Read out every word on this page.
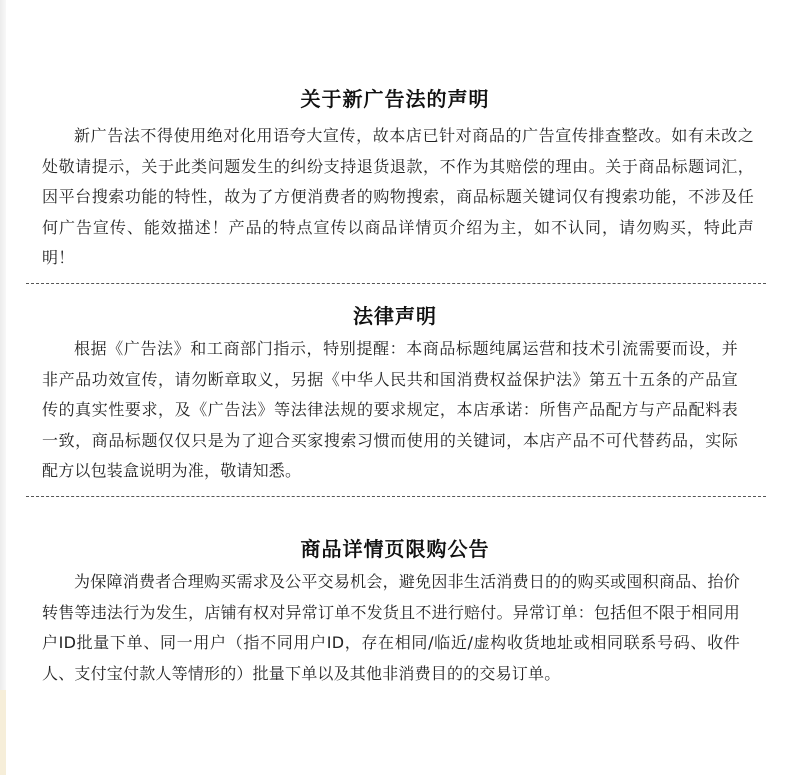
关于新广告法的声明
新广告法不得使用绝对化用语夸大宣传，故本店已针对商品的广告宣传排查整改。如有未改之处敬请提示，关于此类问题发生的纠纷支持退货退款，不作为其赔偿的理由。关于商品标题词汇，因平台搜索功能的特性，故为了方便消费者的购物搜索，商品标题关键词仅有搜索功能，不涉及任何广告宣传、能效描述！产品的特点宣传以商品详情页介绍为主，如不认同，请勿购买，特此声明！
法律声明
根据《广告法》和工商部门指示，特别提醒：本商品标题纯属运营和技术引流需要而设，并非产品功效宣传，请勿断章取义，另据《中华人民共和国消费权益保护法》第五十五条的产品宣传的真实性要求，及《广告法》等法律法规的要求规定，本店承诺：所售产品配方与产品配料表一致，商品标题仅仅只是为了迎合买家搜索习惯而使用的关键词，本店产品不可代替药品，实际配方以包装盒说明为准，敬请知悉。
商品详情页限购公告
为保障消费者合理购买需求及公平交易机会，避免因非生活消费日的的购买或囤积商品、抬价转售等违法行为发生，店铺有权对异常订单不发货且不进行赔付。异常订单：包括但不限于相同用户ID批量下单、同一用户（指不同用户ID，存在相同/临近/虚构收货地址或相同联系号码、收件人、支付宝付款人等情形的）批量下单以及其他非消费目的的交易订单。
